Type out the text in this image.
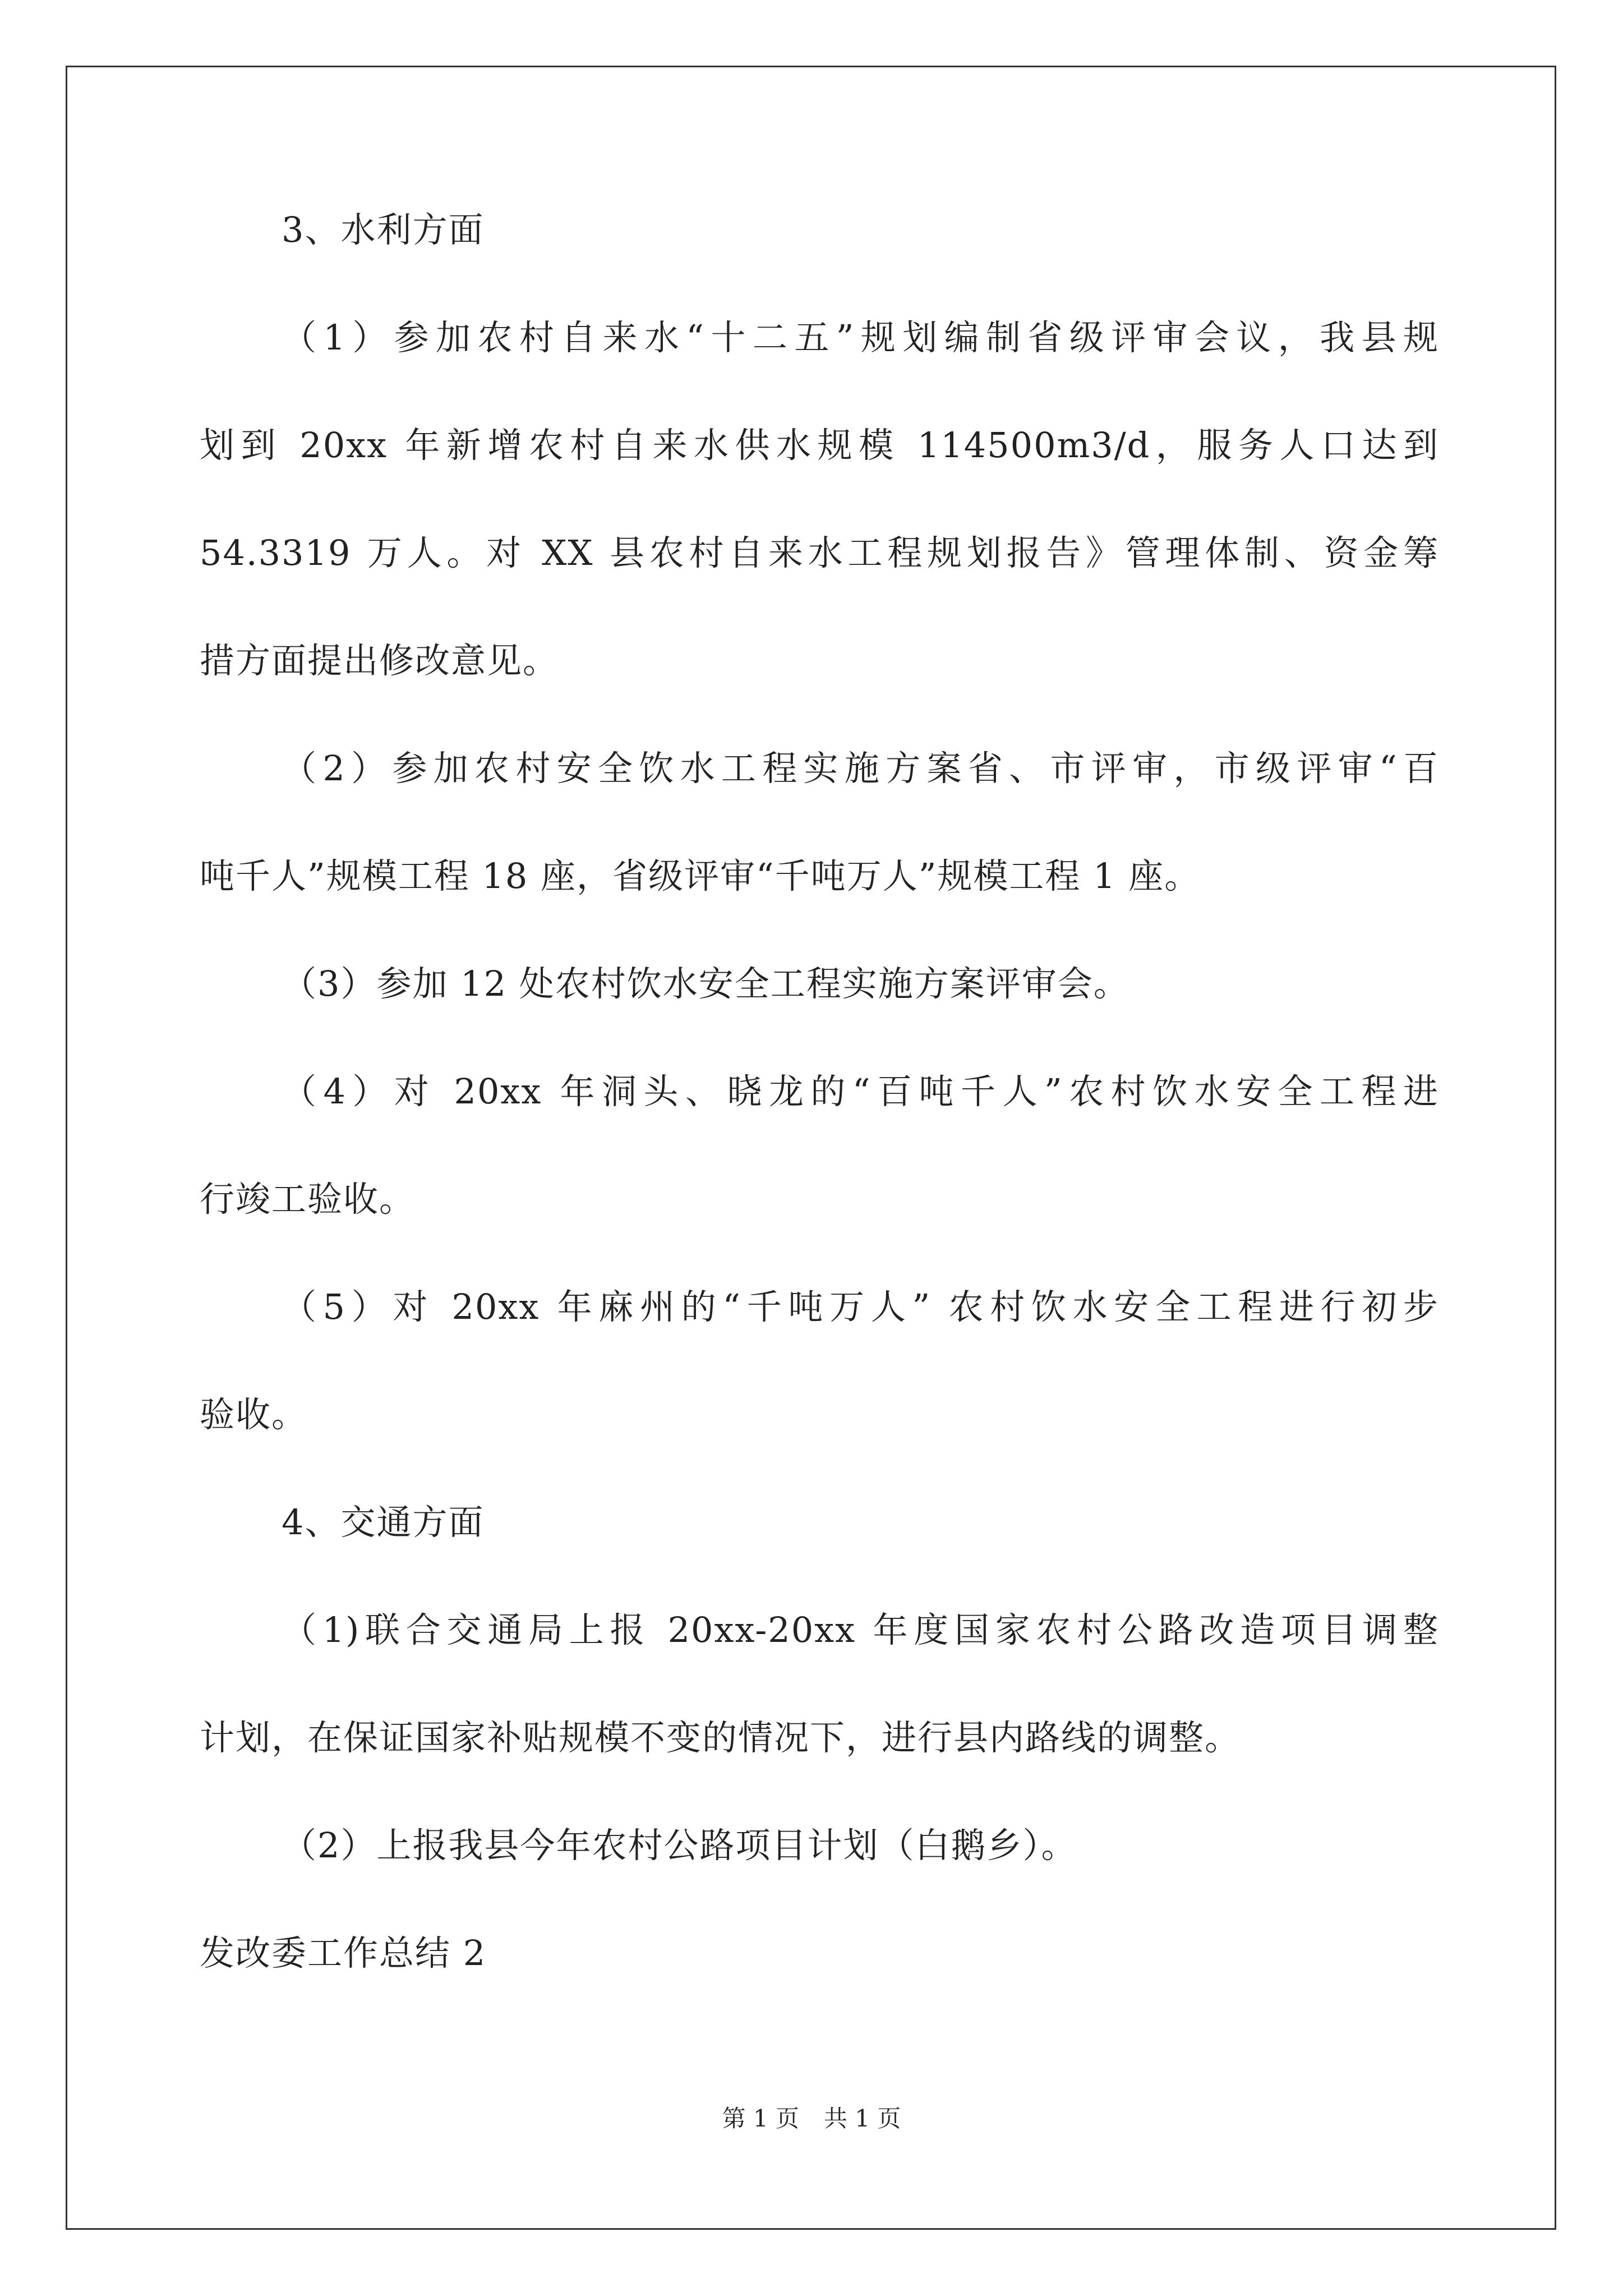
3、水利方面

（1）参加农村自来水“十二五”规划编制省级评审会议，我县规

划到 20xx 年新增农村自来水供水规模 114500m3/d，服务人口达到

54.3319 万人。对 XX 县农村自来水工程规划报告》管理体制、资金筹

措方面提出修改意见。

（2）参加农村安全饮水工程实施方案省、市评审，市级评审“百

吨千人”规模工程 18 座，省级评审“千吨万人”规模工程 1 座。

（3）参加 12 处农村饮水安全工程实施方案评审会。

（4）对 20xx 年洞头、晓龙的“百吨千人”农村饮水安全工程进

行竣工验收。

（5）对 20xx 年麻州的“千吨万人” 农村饮水安全工程进行初步

验收。

4、交通方面

（1)联合交通局上报 20xx-20xx 年度国家农村公路改造项目调整

计划，在保证国家补贴规模不变的情况下，进行县内路线的调整。

（2）上报我县今年农村公路项目计划（白鹅乡）。

发改委工作总结 2

第 1 页 共 1 页
